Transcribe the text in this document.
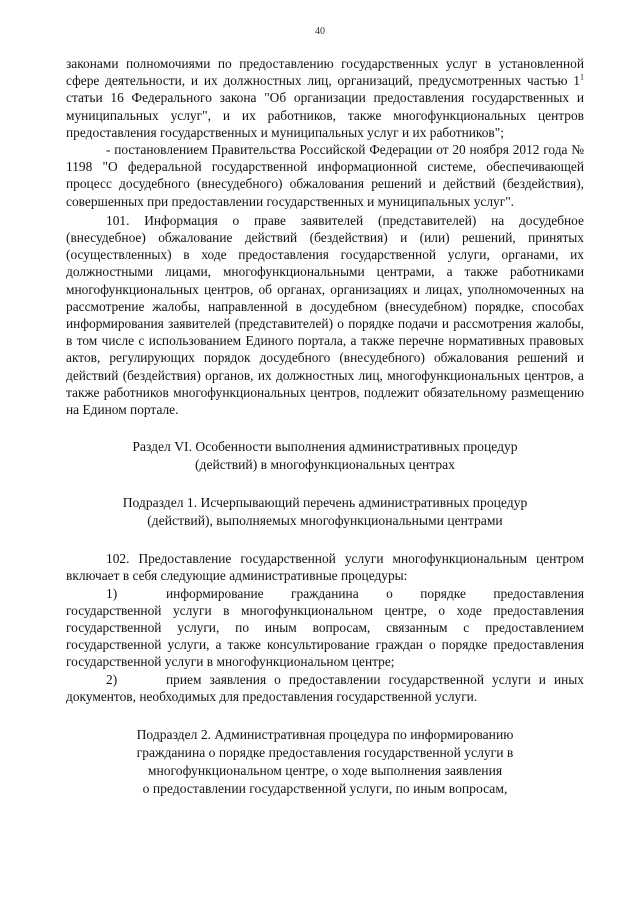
40

законами полномочиями по предоставлению государственных услуг в установленной сфере деятельности, и их должностных лиц, организаций, предусмотренных частью $1^1$ статьи 16 Федерального закона "Об организации предоставления государственных и муниципальных услуг", и их работников, также многофункциональных центров предоставления государственных и муниципальных услуг и их работников";

- постановлением Правительства Российской Федерации от 20 ноября 2012 года № 1198 "О федеральной государственной информационной системе, обеспечивающей процесс досудебного (внесудебного) обжалования решений и действий (бездействия), совершенных при предоставлении государственных и муниципальных услуг".

101. Информация о праве заявителей (представителей) на досудебное (внесудебное) обжалование действий (бездействия) и (или) решений, принятых (осуществленных) в ходе предоставления государственной услуги, органами, их должностными лицами, многофункциональными центрами, а также работниками многофункциональных центров, об органах, организациях и лицах, уполномоченных на рассмотрение жалобы, направленной в досудебном (внесудебном) порядке, способах информирования заявителей (представителей) о порядке подачи и рассмотрения жалобы, в том числе с использованием Единого портала, а также перечне нормативных правовых актов, регулирующих порядок досудебного (внесудебного) обжалования решений и действий (бездействия) органов, их должностных лиц, многофункциональных центров, а также работников многофункциональных центров, подлежит обязательному размещению на Едином портале.

Раздел VI. Особенности выполнения административных процедур
(действий) в многофункциональных центрах

Подраздел 1. Исчерпывающий перечень административных процедур
(действий), выполняемых многофункциональными центрами

102. Предоставление государственной услуги многофункциональным центром включает в себя следующие административные процедуры:

1)	информирование гражданина о порядке предоставления государственной услуги в многофункциональном центре, о ходе предоставления государственной услуги, по иным вопросам, связанным с предоставлением государственной услуги, а также консультирование граждан о порядке предоставления государственной услуги в многофункциональном центре;

2)	прием заявления о предоставлении государственной услуги и иных документов, необходимых для предоставления государственной услуги.

Подраздел 2. Административная процедура по информированию
гражданина о порядке предоставления государственной услуги в
многофункциональном центре, о ходе выполнения заявления
о предоставлении государственной услуги, по иным вопросам,
